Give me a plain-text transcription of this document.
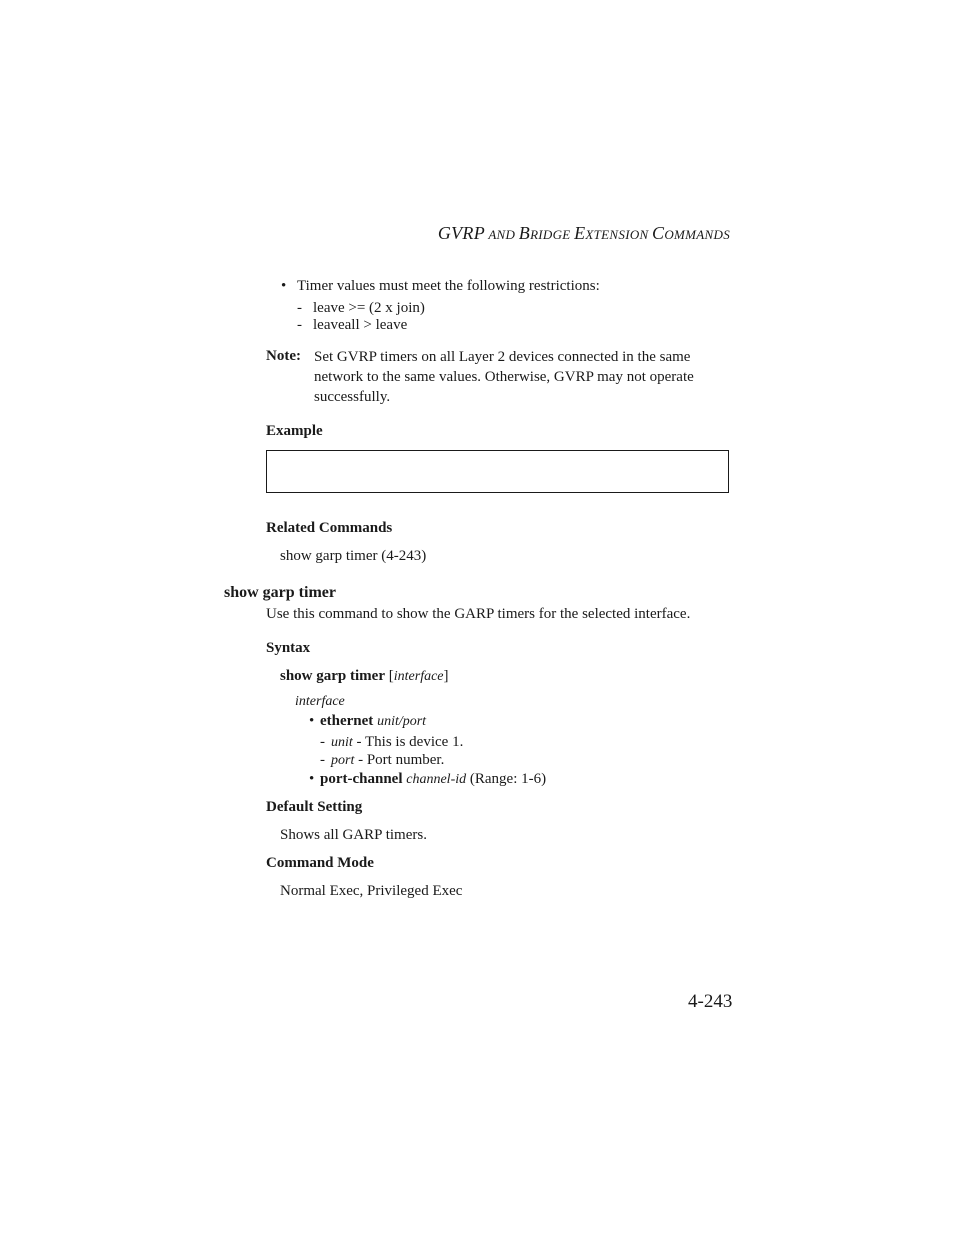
GVRP AND BRIDGE EXTENSION COMMANDS
• Timer values must meet the following restrictions:
- leave >= (2 x join)
- leaveall > leave
Note: Set GVRP timers on all Layer 2 devices connected in the same network to the same values. Otherwise, GVRP may not operate successfully.
Example
Related Commands
show garp timer (4-243)
show garp timer
Use this command to show the GARP timers for the selected interface.
Syntax
show garp timer [interface]
interface
• ethernet unit/port
- unit - This is device 1.
- port - Port number.
• port-channel channel-id (Range: 1-6)
Default Setting
Shows all GARP timers.
Command Mode
Normal Exec, Privileged Exec
4-243
